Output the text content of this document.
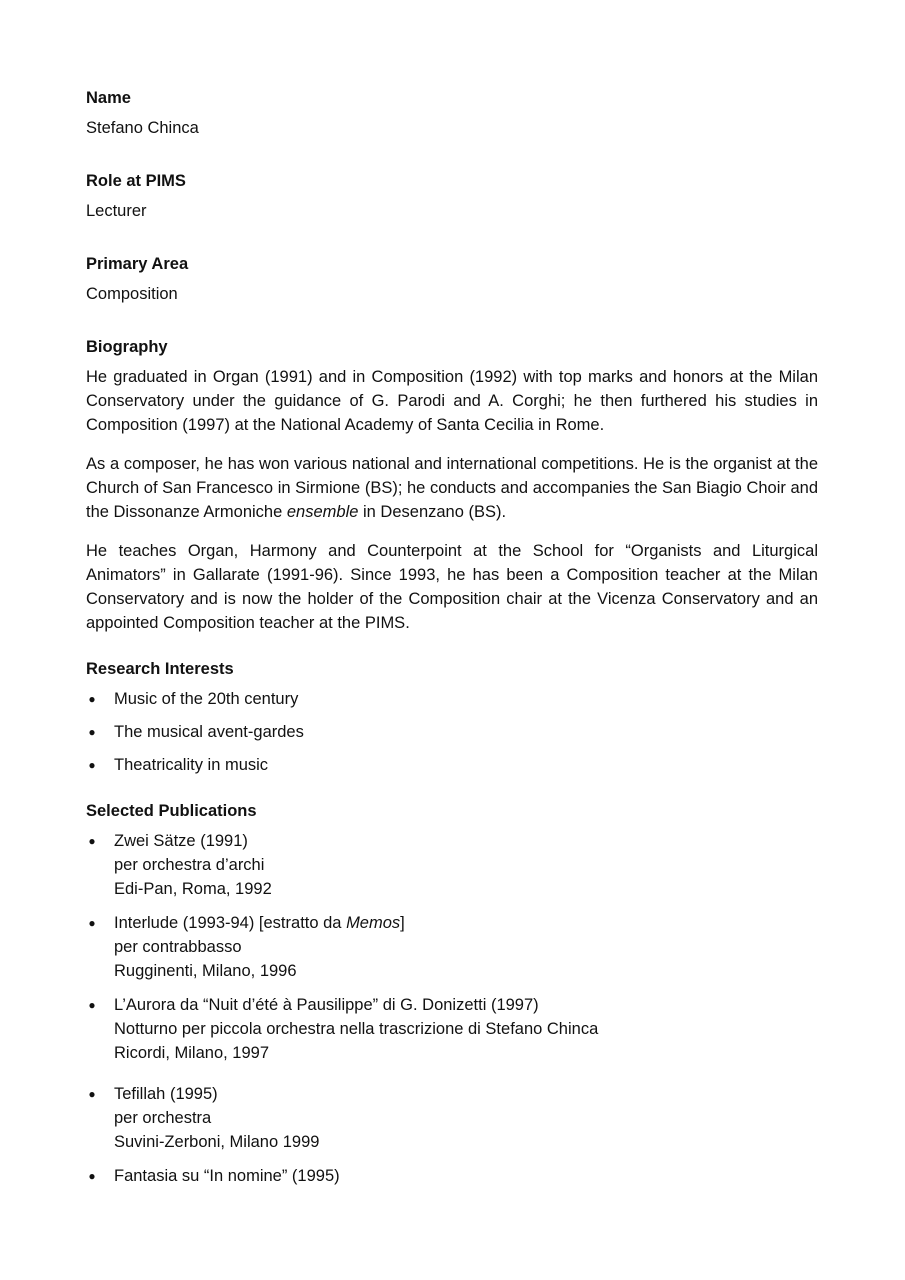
Name
Stefano Chinca
Role at PIMS
Lecturer
Primary Area
Composition
Biography

He graduated in Organ (1991) and in Composition (1992) with top marks and honors at the Milan Conservatory under the guidance of G. Parodi and A. Corghi; he then furthered his studies in Composition (1997) at the National Academy of Santa Cecilia in Rome.

As a composer, he has won various national and international competitions. He is the organist at the Church of San Francesco in Sirmione (BS); he conducts and accompanies the San Biagio Choir and the Dissonanze Armoniche ensemble in Desenzano (BS).

He teaches Organ, Harmony and Counterpoint at the School for “Organists and Liturgical Animators” in Gallarate (1991-96). Since 1993, he has been a Composition teacher at the Milan Conservatory and is now the holder of the Composition chair at the Vicenza Conservatory and an appointed Composition teacher at the PIMS.

Research Interests
● Music of the 20th century
● The musical avent-gardes
● Theatricality in music
Selected Publications
● Zwei Sätze (1991)
per orchestra d’archi
Edi-Pan, Roma, 1992
● Interlude (1993-94) [estratto da Memos]
per contrabbasso
Rugginenti, Milano, 1996
● L’Aurora da “Nuit d’été à Pausilippe” di G. Donizetti (1997)
Notturno per piccola orchestra nella trascrizione di Stefano Chinca
Ricordi, Milano, 1997
● Tefillah (1995)
per orchestra
Suvini-Zerboni, Milano 1999
● Fantasia su “In nomine” (1995)
